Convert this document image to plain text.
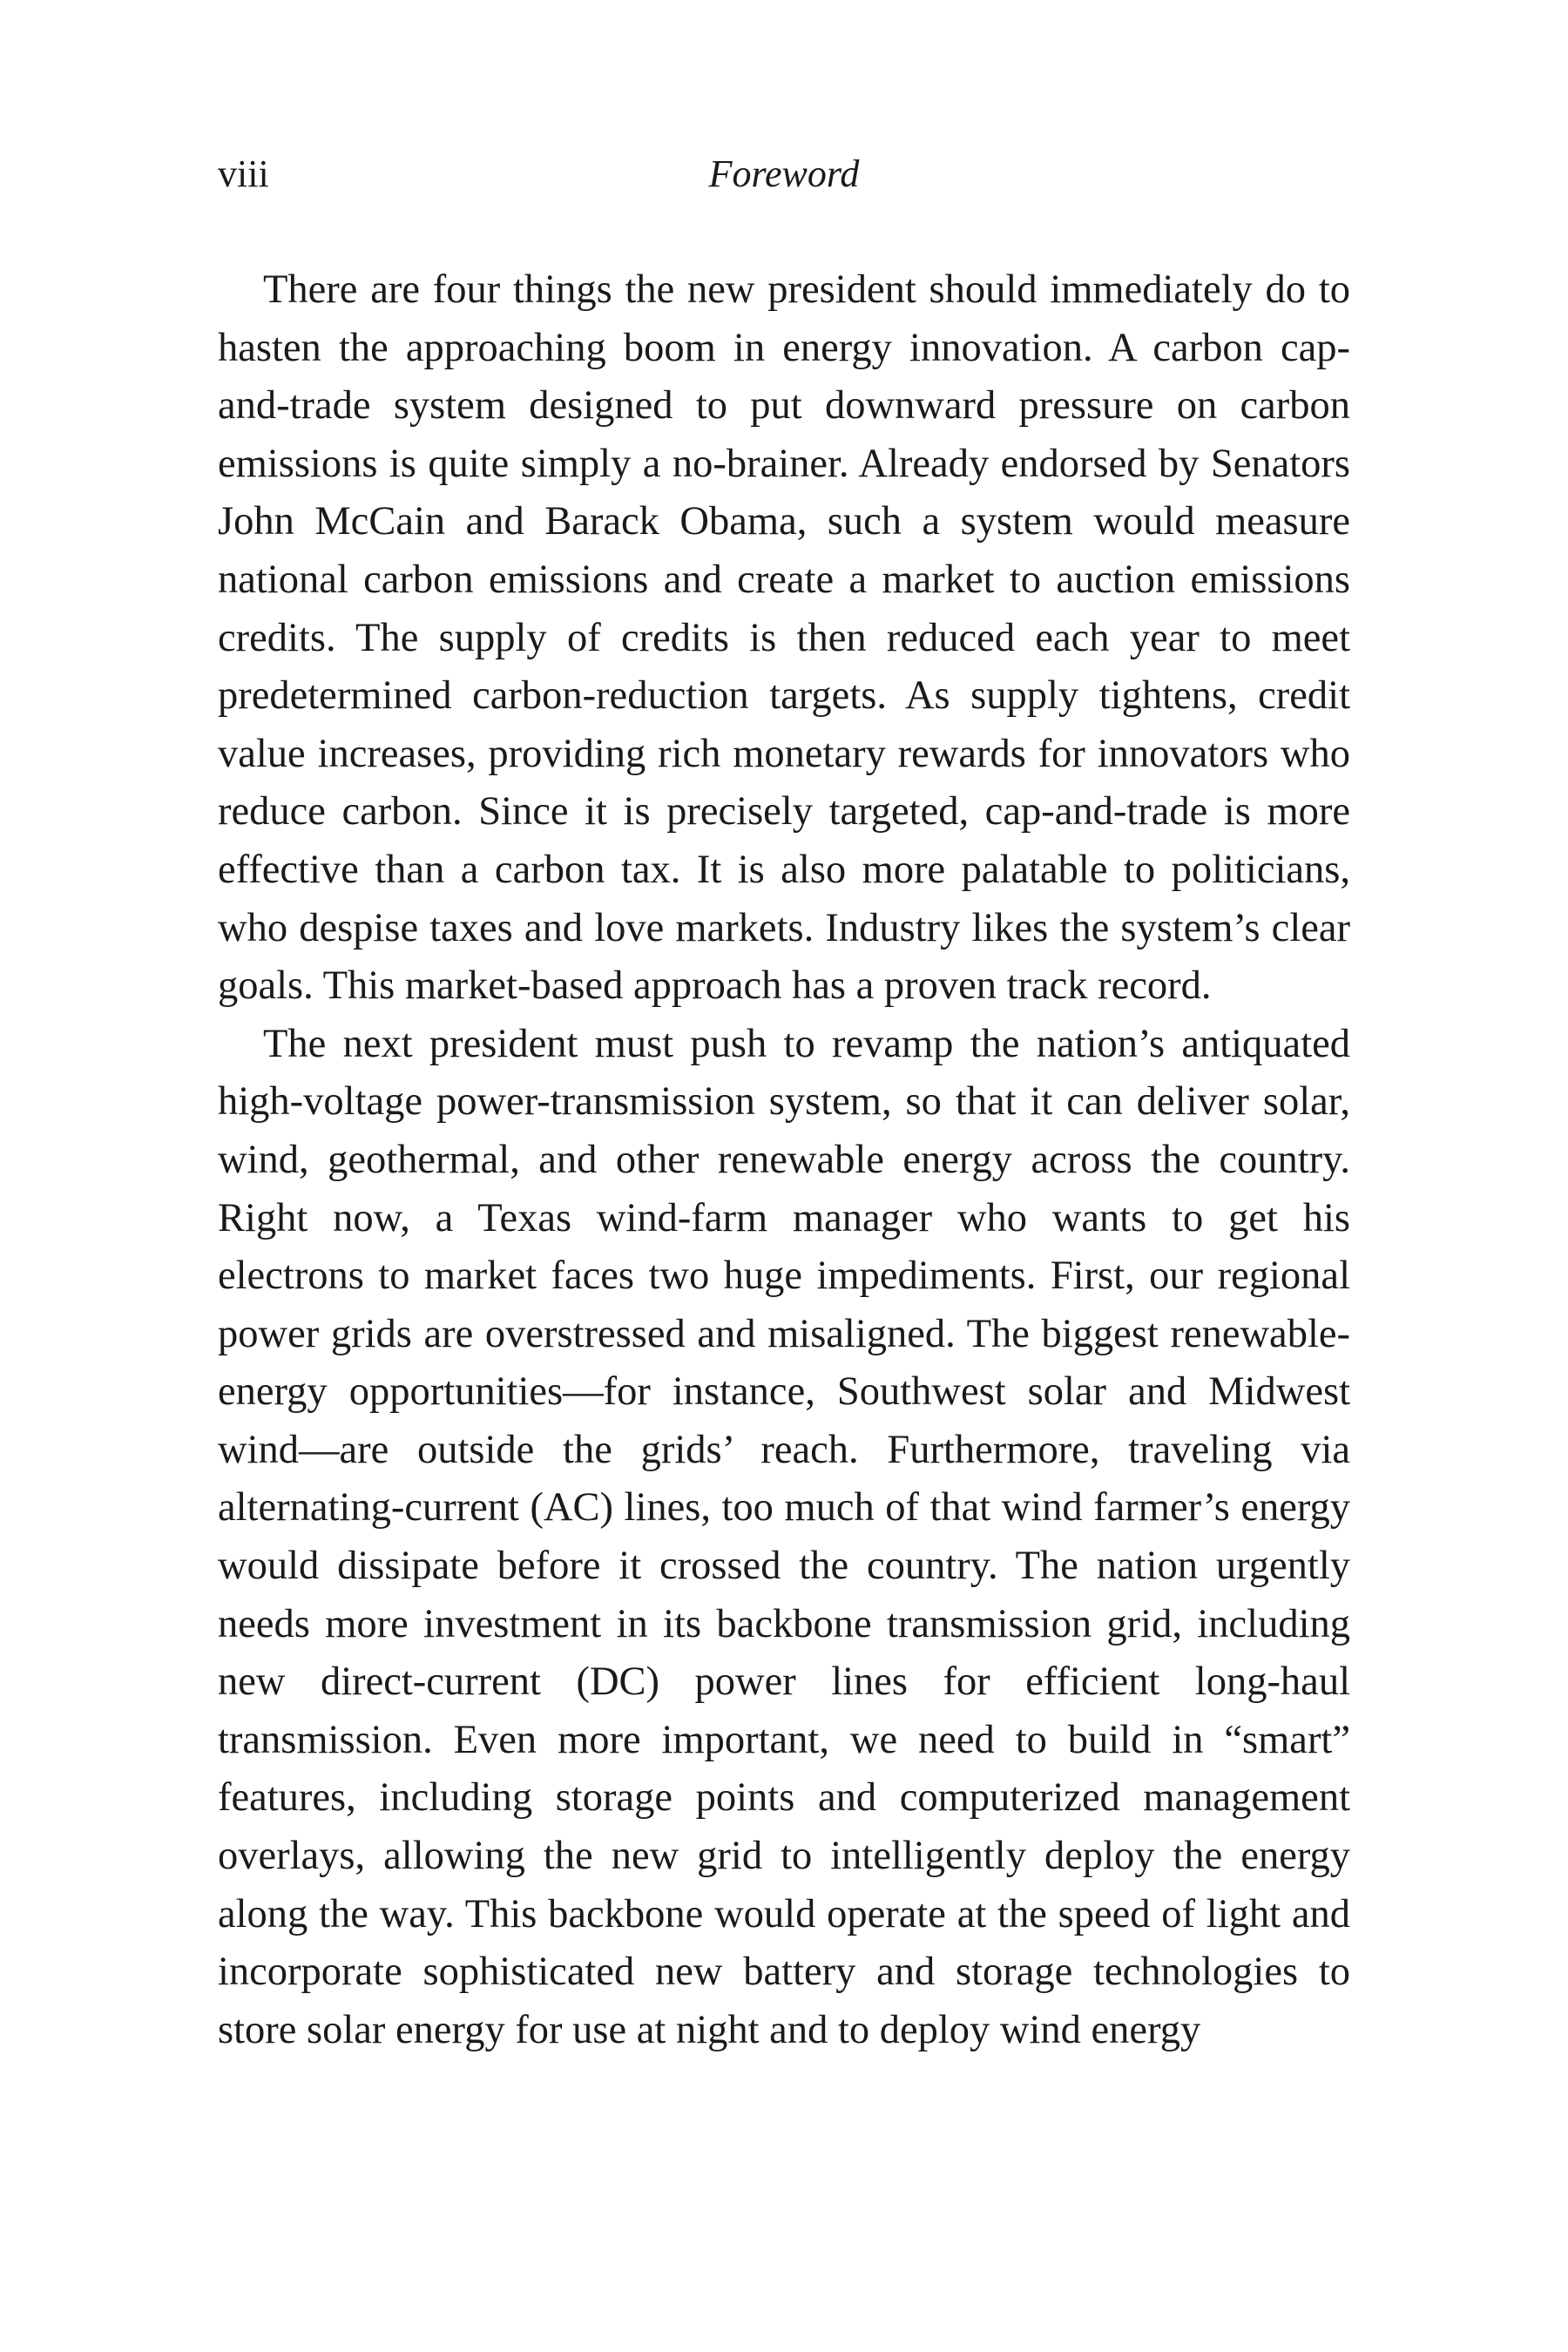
viii	Foreword

There are four things the new president should immediately do to hasten the approaching boom in energy innovation. A carbon cap-and-trade system designed to put downward pressure on carbon emissions is quite simply a no-brainer. Already endorsed by Senators John McCain and Barack Obama, such a system would measure national carbon emissions and create a market to auction emissions credits. The supply of credits is then reduced each year to meet predetermined carbon-reduction targets. As supply tightens, credit value increases, providing rich monetary rewards for innovators who reduce carbon. Since it is precisely targeted, cap-and-trade is more effective than a carbon tax. It is also more palatable to politicians, who despise taxes and love markets. Industry likes the system’s clear goals. This market-based approach has a proven track record.

The next president must push to revamp the nation’s antiquated high-voltage power-transmission system, so that it can deliver solar, wind, geothermal, and other renewable energy across the country. Right now, a Texas wind-farm manager who wants to get his electrons to market faces two huge impediments. First, our regional power grids are overstressed and misaligned. The biggest renewable-energy opportunities—for instance, Southwest solar and Midwest wind—are outside the grids’ reach. Furthermore, traveling via alternating-current (AC) lines, too much of that wind farmer’s energy would dissipate before it crossed the country. The nation urgently needs more investment in its backbone transmission grid, including new direct-current (DC) power lines for efficient long-haul transmission. Even more important, we need to build in “smart” features, including storage points and computerized management overlays, allowing the new grid to intelligently deploy the energy along the way. This backbone would operate at the speed of light and incorporate sophisticated new battery and storage technologies to store solar energy for use at night and to deploy wind energy
